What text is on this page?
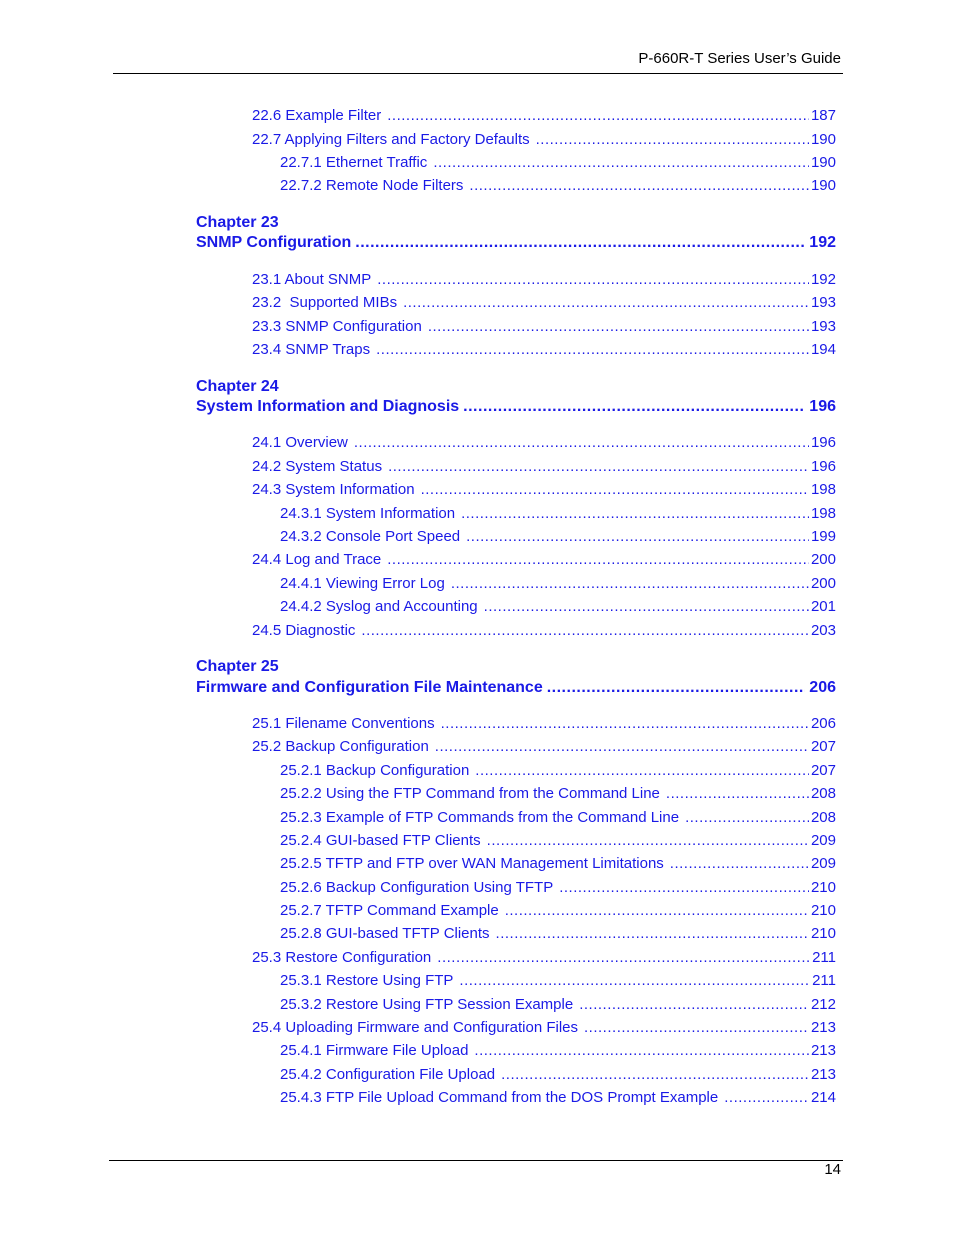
P-660R-T Series User’s Guide
22.6 Example Filter .....	187
22.7 Applying Filters and Factory Defaults .....	190
22.7.1 Ethernet Traffic .....	190
22.7.2 Remote Node Filters .....	190
Chapter 23
SNMP Configuration .....	192
23.1 About SNMP .....	192
23.2  Supported MIBs .....	193
23.3 SNMP Configuration .....	193
23.4 SNMP Traps .....	194
Chapter 24
System Information and Diagnosis .....	196
24.1 Overview .....	196
24.2 System Status .....	196
24.3 System Information .....	198
24.3.1 System Information .....	198
24.3.2 Console Port Speed .....	199
24.4 Log and Trace .....	200
24.4.1 Viewing Error Log .....	200
24.4.2 Syslog and Accounting .....	201
24.5 Diagnostic .....	203
Chapter 25
Firmware and Configuration File Maintenance .....	206
25.1 Filename Conventions .....	206
25.2 Backup Configuration .....	207
25.2.1 Backup Configuration .....	207
25.2.2 Using the FTP Command from the Command Line .....	208
25.2.3 Example of FTP Commands from the Command Line .....	208
25.2.4 GUI-based FTP Clients .....	209
25.2.5 TFTP and FTP over WAN Management Limitations .....	209
25.2.6 Backup Configuration Using TFTP .....	210
25.2.7 TFTP Command Example .....	210
25.2.8 GUI-based TFTP Clients .....	210
25.3 Restore Configuration .....	211
25.3.1 Restore Using FTP .....	211
25.3.2 Restore Using FTP Session Example .....	212
25.4 Uploading Firmware and Configuration Files .....	213
25.4.1 Firmware File Upload .....	213
25.4.2 Configuration File Upload .....	213
25.4.3 FTP File Upload Command from the DOS Prompt Example .....	214
14
